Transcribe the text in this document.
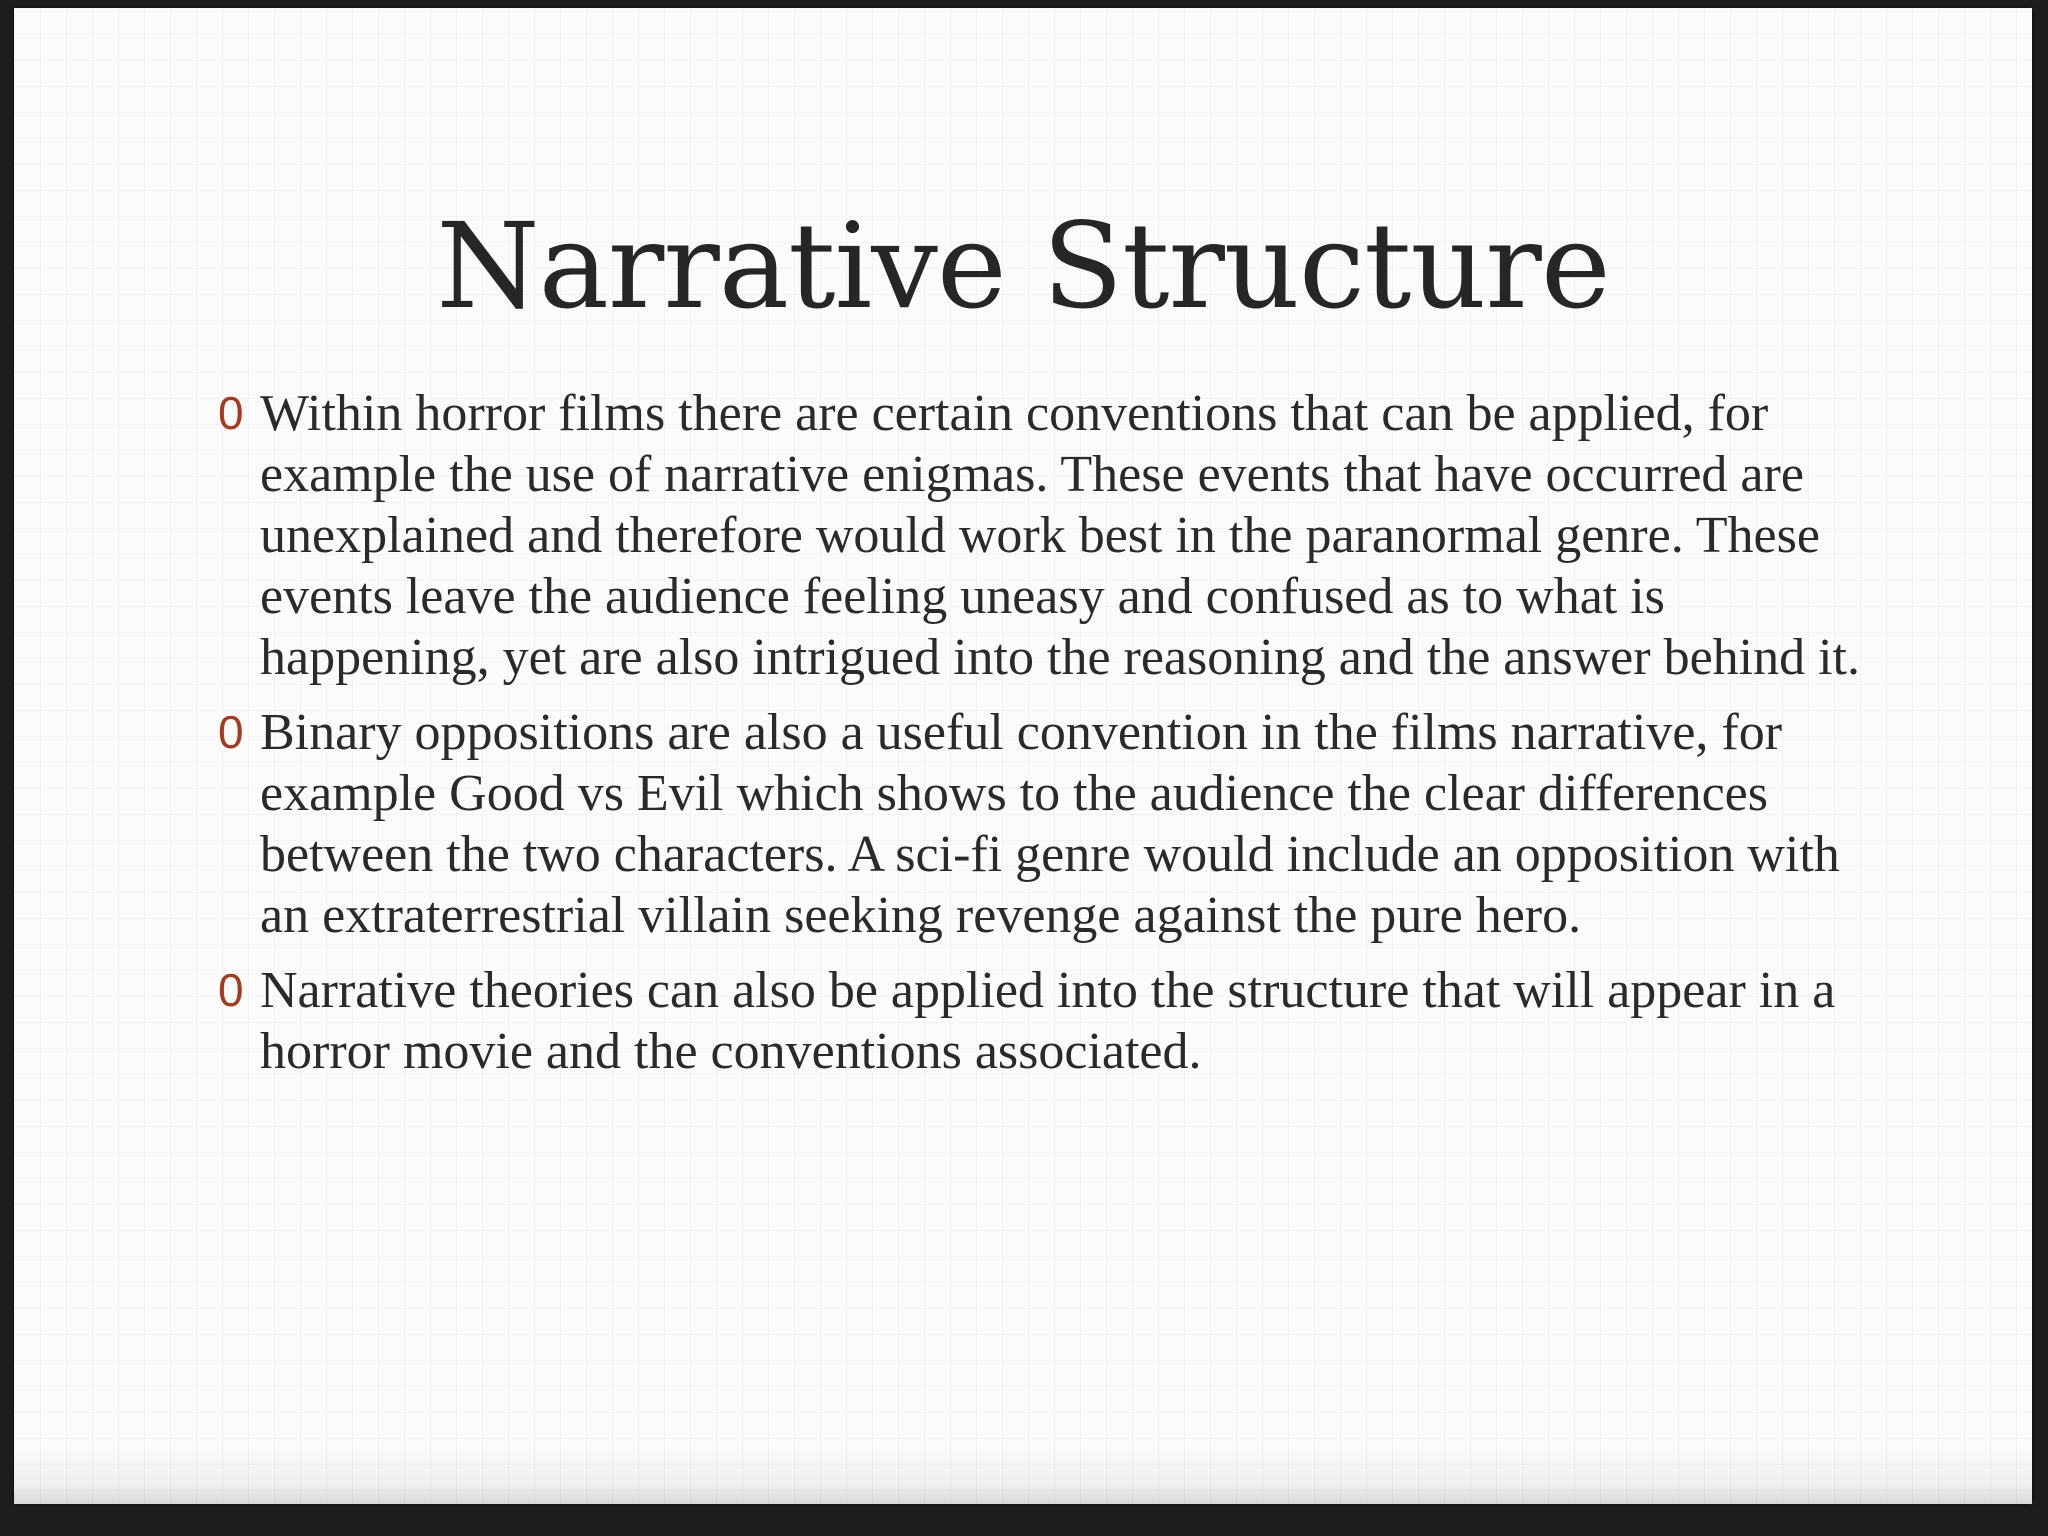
Narrative Structure
0 Within horror films there are certain conventions that can be applied, for example the use of narrative enigmas. These events that have occurred are unexplained and therefore would work best in the paranormal genre. These events leave the audience feeling uneasy and confused as to what is happening, yet are also intrigued into the reasoning and the answer behind it.
0 Binary oppositions are also a useful convention in the films narrative, for example Good vs Evil which shows to the audience the clear differences between the two characters. A sci-fi genre would include an opposition with an extraterrestrial villain seeking revenge against the pure hero.
0 Narrative theories can also be applied into the structure that will appear in a horror movie and the conventions associated.
